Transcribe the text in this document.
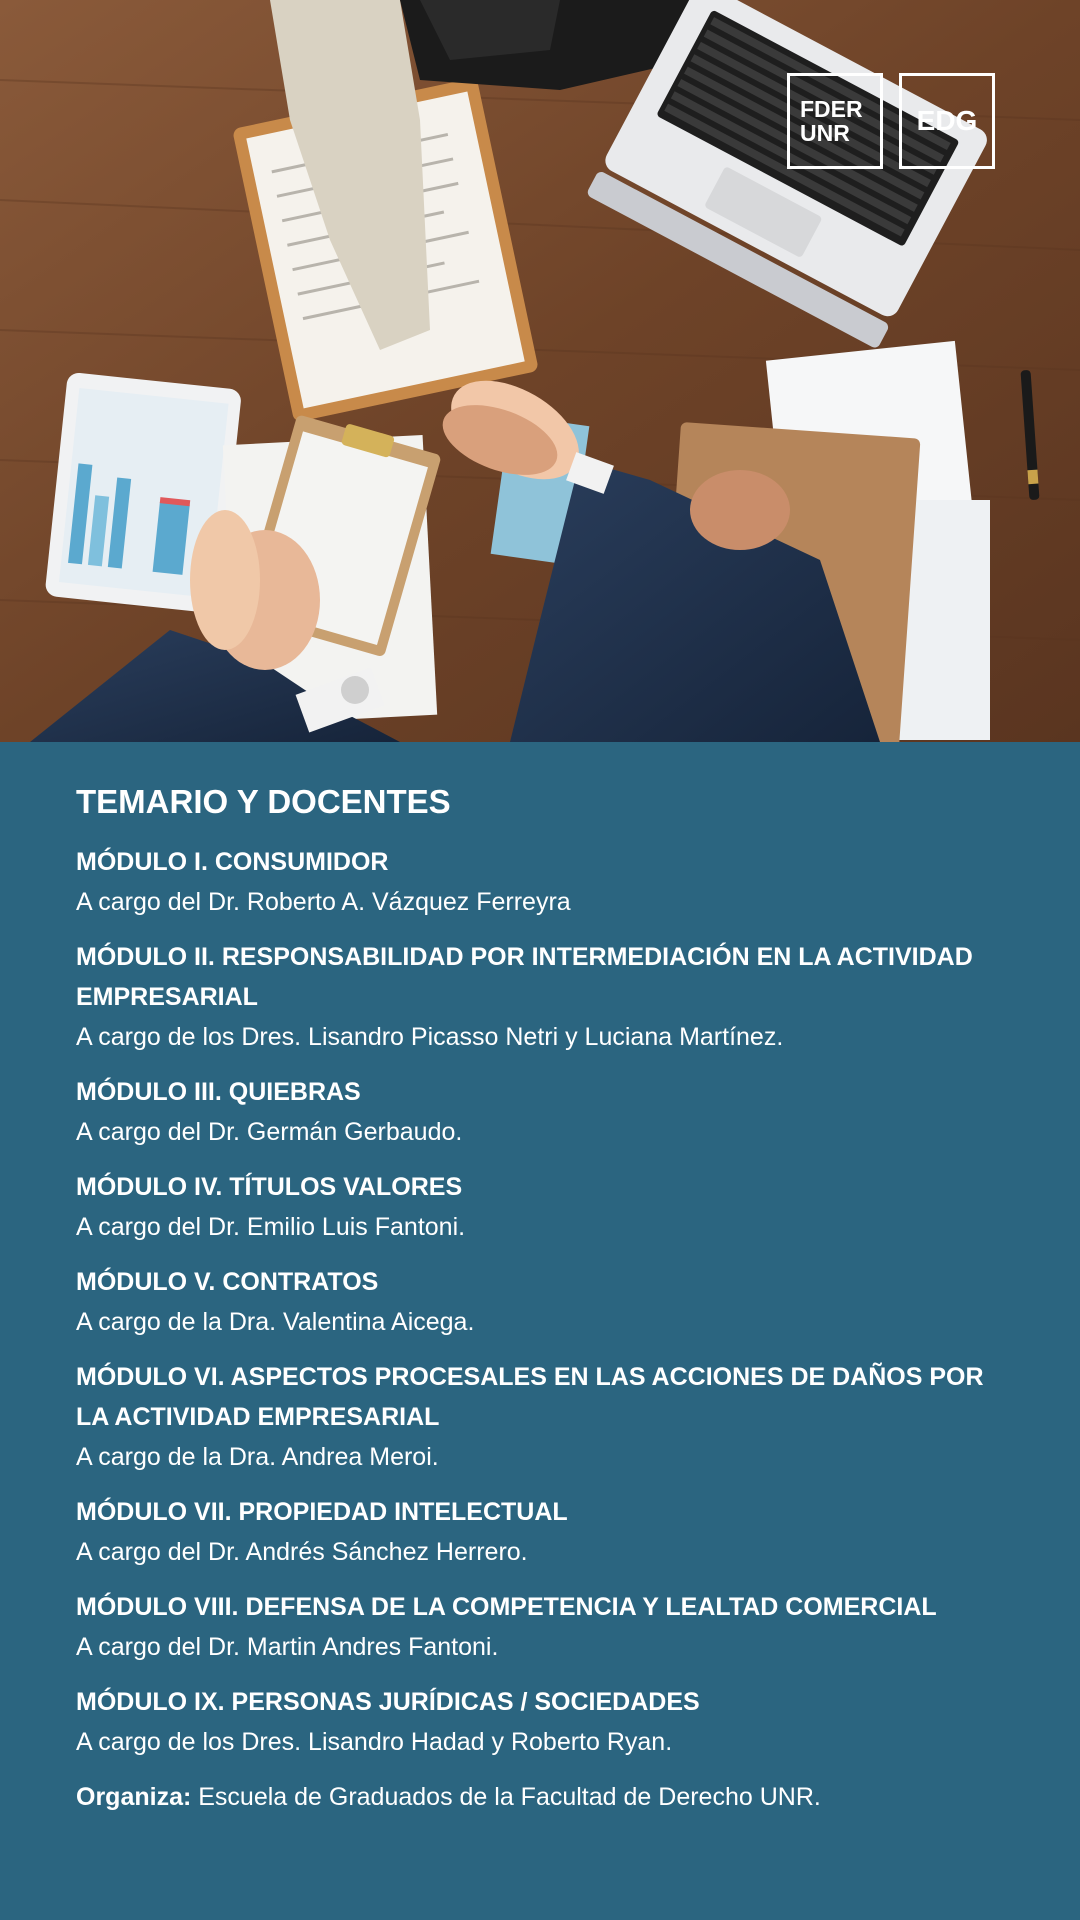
FDER
UNR EDG
TEMARIO Y DOCENTES
MÓDULO I. CONSUMIDOR
A cargo del Dr. Roberto A. Vázquez Ferreyra
MÓDULO II. RESPONSABILIDAD POR INTERMEDIACIÓN EN LA ACTIVIDAD EMPRESARIAL
A cargo de los Dres. Lisandro Picasso Netri y Luciana Martínez.
MÓDULO III. QUIEBRAS
A cargo del Dr. Germán Gerbaudo.
MÓDULO IV. TÍTULOS VALORES
A cargo del Dr. Emilio Luis Fantoni.
MÓDULO V. CONTRATOS
A cargo de la Dra. Valentina Aicega.
MÓDULO VI. ASPECTOS PROCESALES EN LAS ACCIONES DE DAÑOS POR LA ACTIVIDAD EMPRESARIAL
A cargo de la Dra. Andrea Meroi.
MÓDULO VII. PROPIEDAD INTELECTUAL
A cargo del Dr. Andrés Sánchez Herrero.
MÓDULO VIII. DEFENSA DE LA COMPETENCIA Y LEALTAD COMERCIAL
A cargo del Dr. Martin Andres Fantoni.
MÓDULO IX. PERSONAS JURÍDICAS / SOCIEDADES
A cargo de los Dres. Lisandro Hadad y Roberto Ryan.
Organiza: Escuela de Graduados de la Facultad de Derecho UNR.
